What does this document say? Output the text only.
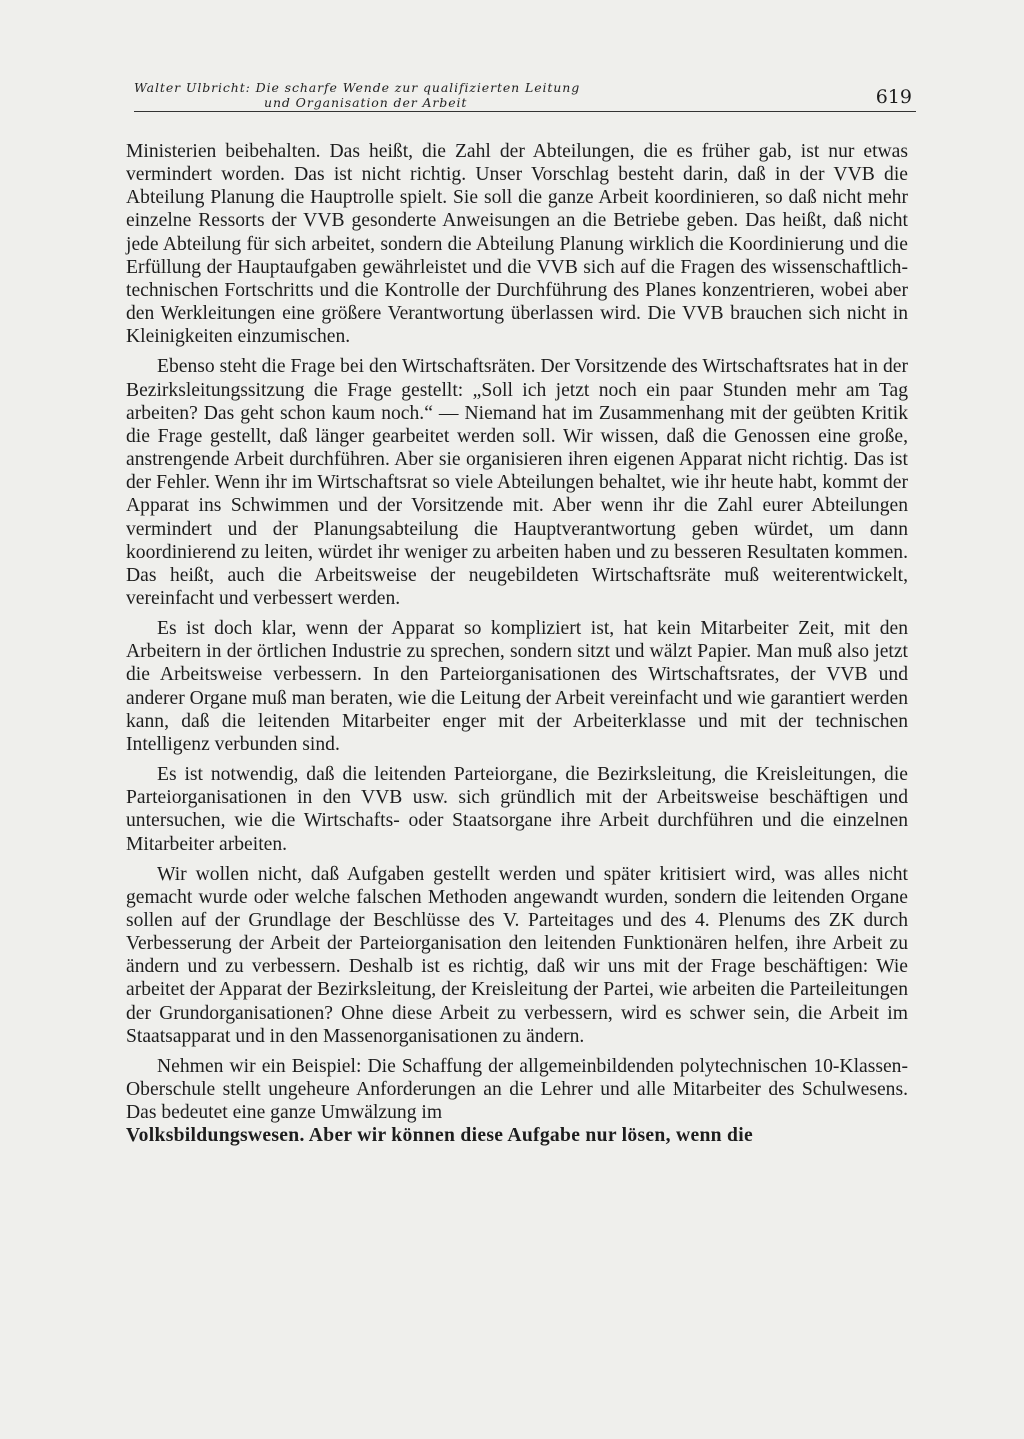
Walter Ulbricht: Die scharfe Wende zur qualifizierten Leitung
und Organisation der Arbeit	619

Ministerien beibehalten. Das heißt, die Zahl der Abteilungen, die es früher gab, ist nur etwas vermindert worden. Das ist nicht richtig. Unser Vorschlag besteht darin, daß in der VVB die Abteilung Planung die Hauptrolle spielt. Sie soll die ganze Arbeit koordinieren, so daß nicht mehr einzelne Ressorts der VVB gesonderte Anweisungen an die Betriebe geben. Das heißt, daß nicht jede Abteilung für sich arbeitet, sondern die Abteilung Planung wirklich die Koordinierung und die Erfüllung der Hauptaufgaben gewährleistet und die VVB sich auf die Fragen des wissenschaftlich-technischen Fortschritts und die Kontrolle der Durchführung des Planes konzentrieren, wobei aber den Werkleitungen eine größere Verantwortung überlassen wird. Die VVB brauchen sich nicht in Kleinigkeiten einzumischen.

Ebenso steht die Frage bei den Wirtschaftsräten. Der Vorsitzende des Wirtschaftsrates hat in der Bezirksleitungssitzung die Frage gestellt: „Soll ich jetzt noch ein paar Stunden mehr am Tag arbeiten? Das geht schon kaum noch.“ — Niemand hat im Zusammenhang mit der geübten Kritik die Frage gestellt, daß länger gearbeitet werden soll. Wir wissen, daß die Genossen eine große, anstrengende Arbeit durchführen. Aber sie organisieren ihren eigenen Apparat nicht richtig. Das ist der Fehler. Wenn ihr im Wirtschaftsrat so viele Abteilungen behaltet, wie ihr heute habt, kommt der Apparat ins Schwimmen und der Vorsitzende mit. Aber wenn ihr die Zahl eurer Abteilungen vermindert und der Planungsabteilung die Hauptverantwortung geben würdet, um dann koordinierend zu leiten, würdet ihr weniger zu arbeiten haben und zu besseren Resultaten kommen. Das heißt, auch die Arbeitsweise der neugebildeten Wirtschaftsräte muß weiterentwickelt, vereinfacht und verbessert werden.

Es ist doch klar, wenn der Apparat so kompliziert ist, hat kein Mitarbeiter Zeit, mit den Arbeitern in der örtlichen Industrie zu sprechen, sondern sitzt und wälzt Papier. Man muß also jetzt die Arbeitsweise verbessern. In den Parteiorganisationen des Wirtschaftsrates, der VVB und anderer Organe muß man beraten, wie die Leitung der Arbeit vereinfacht und wie garantiert werden kann, daß die leitenden Mitarbeiter enger mit der Arbeiterklasse und mit der technischen Intelligenz verbunden sind.

Es ist notwendig, daß die leitenden Parteiorgane, die Bezirksleitung, die Kreisleitungen, die Parteiorganisationen in den VVB usw. sich gründlich mit der Arbeitsweise beschäftigen und untersuchen, wie die Wirtschafts- oder Staatsorgane ihre Arbeit durchführen und die einzelnen Mitarbeiter arbeiten.

Wir wollen nicht, daß Aufgaben gestellt werden und später kritisiert wird, was alles nicht gemacht wurde oder welche falschen Methoden angewandt wurden, sondern die leitenden Organe sollen auf der Grundlage der Beschlüsse des V. Parteitages und des 4. Plenums des ZK durch Verbesserung der Arbeit der Parteiorganisation den leitenden Funktionären helfen, ihre Arbeit zu ändern und zu verbessern. Deshalb ist es richtig, daß wir uns mit der Frage beschäftigen: Wie arbeitet der Apparat der Bezirksleitung, der Kreisleitung der Partei, wie arbeiten die Parteileitungen der Grundorganisationen? Ohne diese Arbeit zu verbessern, wird es schwer sein, die Arbeit im Staatsapparat und in den Massenorganisationen zu ändern.

Nehmen wir ein Beispiel: Die Schaffung der allgemeinbildenden polytechnischen 10-Klassen-Oberschule stellt ungeheure Anforderungen an die Lehrer und alle Mitarbeiter des Schulwesens. Das bedeutet eine ganze Umwälzung im

Volksbildungswesen. Aber wir können diese Aufgabe nur lösen, wenn die
